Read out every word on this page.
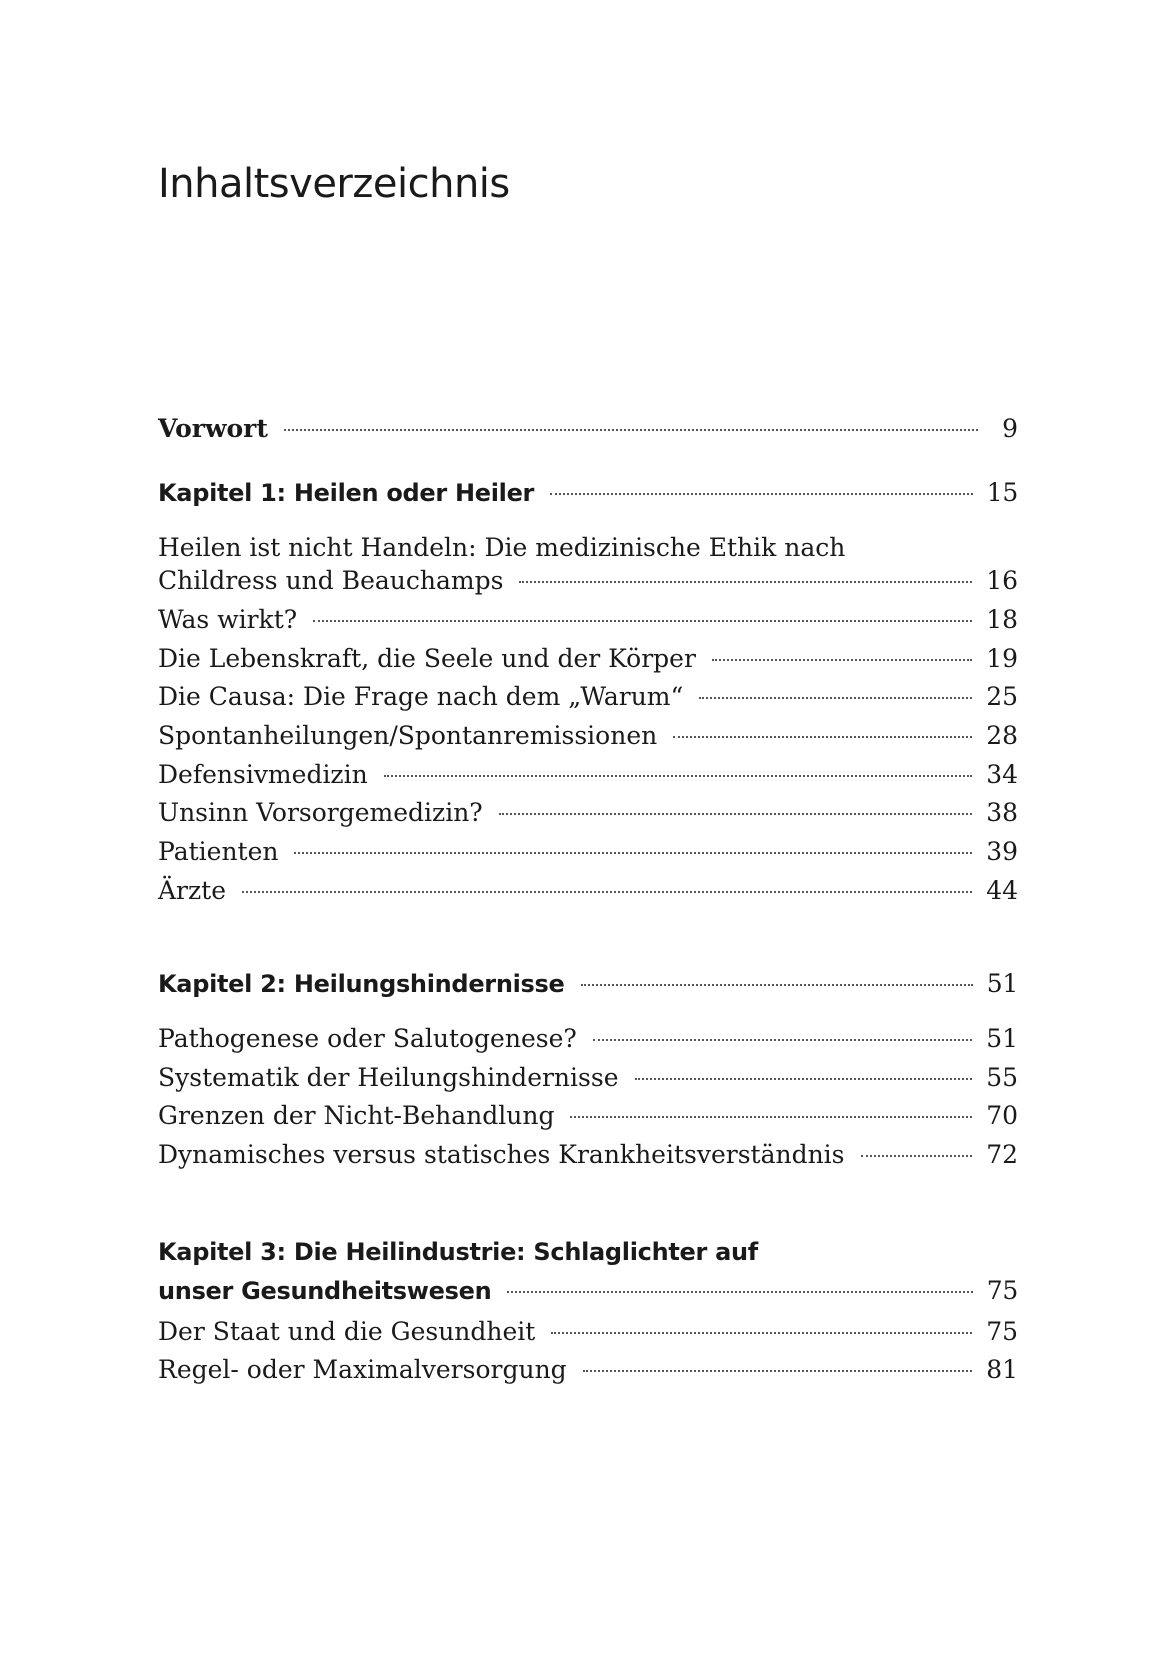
Inhaltsverzeichnis
Vorwort	9
Kapitel 1: Heilen oder Heiler	15
Heilen ist nicht Handeln: Die medizinische Ethik nach
Childress und Beauchamps	16
Was wirkt?	18
Die Lebenskraft, die Seele und der Körper	19
Die Causa: Die Frage nach dem „Warum“	25
Spontanheilungen/Spontanremissionen	28
Defensivmedizin	34
Unsinn Vorsorgemedizin?	38
Patienten	39
Ärzte	44
Kapitel 2: Heilungshindernisse	51
Pathogenese oder Salutogenese?	51
Systematik der Heilungshindernisse	55
Grenzen der Nicht-Behandlung	70
Dynamisches versus statisches Krankheitsverständnis	72
Kapitel 3: Die Heilindustrie: Schlaglichter auf
unser Gesundheitswesen	75
Der Staat und die Gesundheit	75
Regel- oder Maximalversorgung	81
